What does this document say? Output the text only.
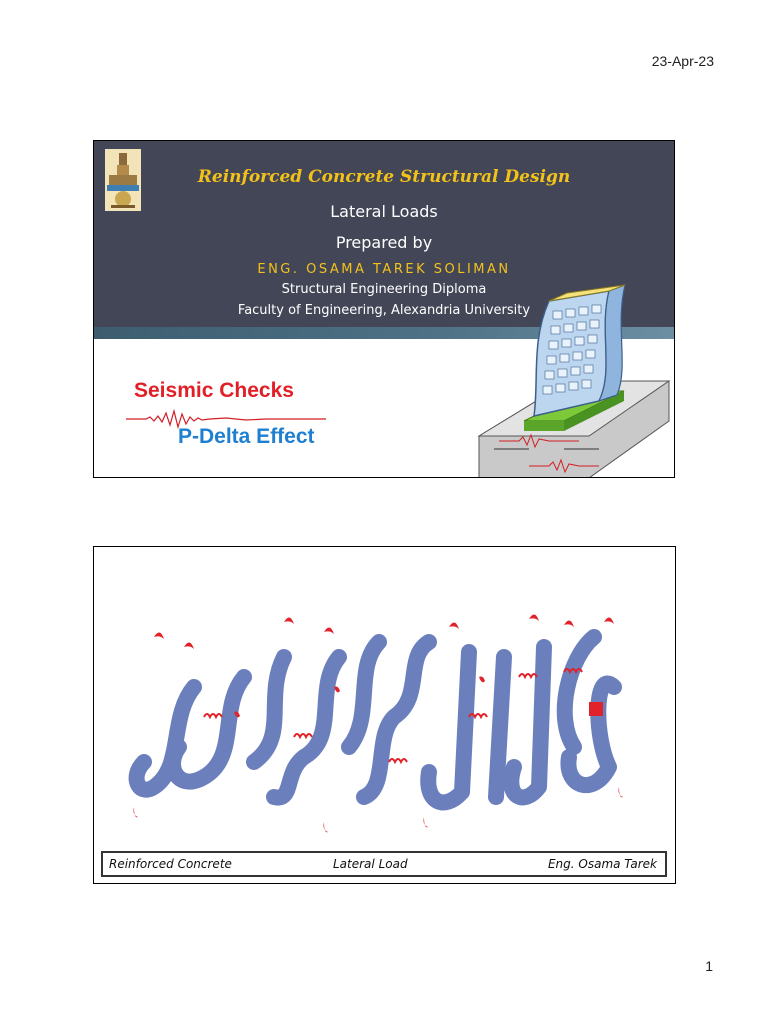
23-Apr-23
Reinforced Concrete Structural Design
Lateral Loads
Prepared by
ENG. OSAMA TAREK SOLIMAN
Structural Engineering Diploma
Faculty of Engineering, Alexandria University
Seismic Checks
P-Delta Effect
Reinforced Concrete	Lateral Load	Eng. Osama Tarek
1
